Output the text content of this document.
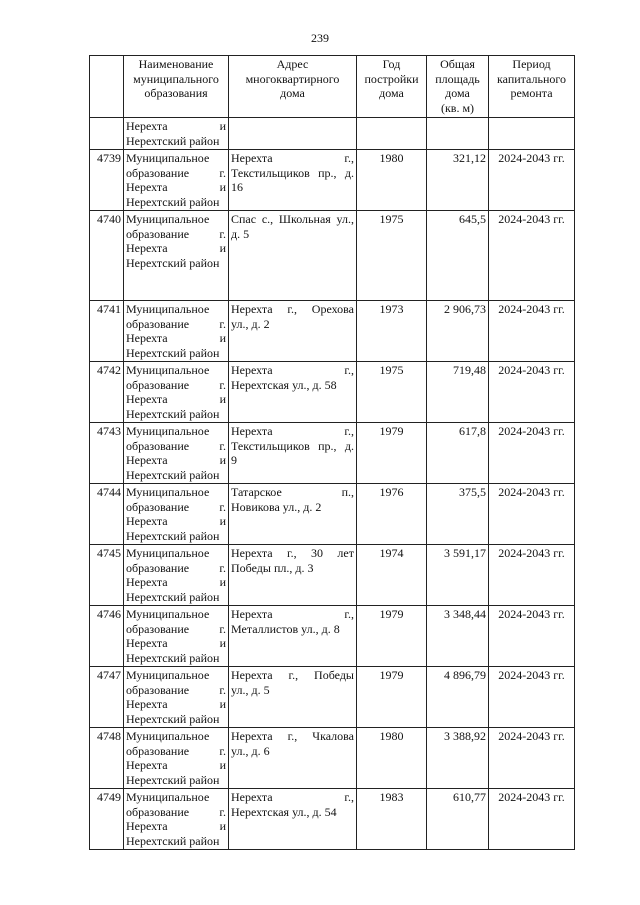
239

	Наименование
муниципального
образования	Адрес
многоквартирного
дома	Год
постройки
дома	Общая
площадь
дома
(кв. м)	Период
капитального
ремонта

	Нерехта и
Нерехтский район				

4739	Муниципальное
образование г.
Нерехта и
Нерехтский район	Нерехта г.,
Текстильщиков пр., д.
16	1980	321,12	2024-2043 гг.
4740	Муниципальное
образование г.
Нерехта и
Нерехтский район	Спас с., Школьная ул.,
д. 5	1975	645,5	2024-2043 гг.
4741	Муниципальное
образование г.
Нерехта и
Нерехтский район	Нерехта г., Орехова
ул., д. 2	1973	2 906,73	2024-2043 гг.
4742	Муниципальное
образование г.
Нерехта и
Нерехтский район	Нерехта г.,
Нерехтская ул., д. 58	1975	719,48	2024-2043 гг.
4743	Муниципальное
образование г.
Нерехта и
Нерехтский район	Нерехта г.,
Текстильщиков пр., д.
9	1979	617,8	2024-2043 гг.
4744	Муниципальное
образование г.
Нерехта и
Нерехтский район	Татарское п.,
Новикова ул., д. 2	1976	375,5	2024-2043 гг.
4745	Муниципальное
образование г.
Нерехта и
Нерехтский район	Нерехта г., 30 лет
Победы пл., д. 3	1974	3 591,17	2024-2043 гг.
4746	Муниципальное
образование г.
Нерехта и
Нерехтский район	Нерехта г.,
Металлистов ул., д. 8	1979	3 348,44	2024-2043 гг.
4747	Муниципальное
образование г.
Нерехта и
Нерехтский район	Нерехта г., Победы
ул., д. 5	1979	4 896,79	2024-2043 гг.
4748	Муниципальное
образование г.
Нерехта и
Нерехтский район	Нерехта г., Чкалова
ул., д. 6	1980	3 388,92	2024-2043 гг.
4749	Муниципальное
образование г.
Нерехта и
Нерехтский район	Нерехта г.,
Нерехтская ул., д. 54	1983	610,77	2024-2043 гг.
